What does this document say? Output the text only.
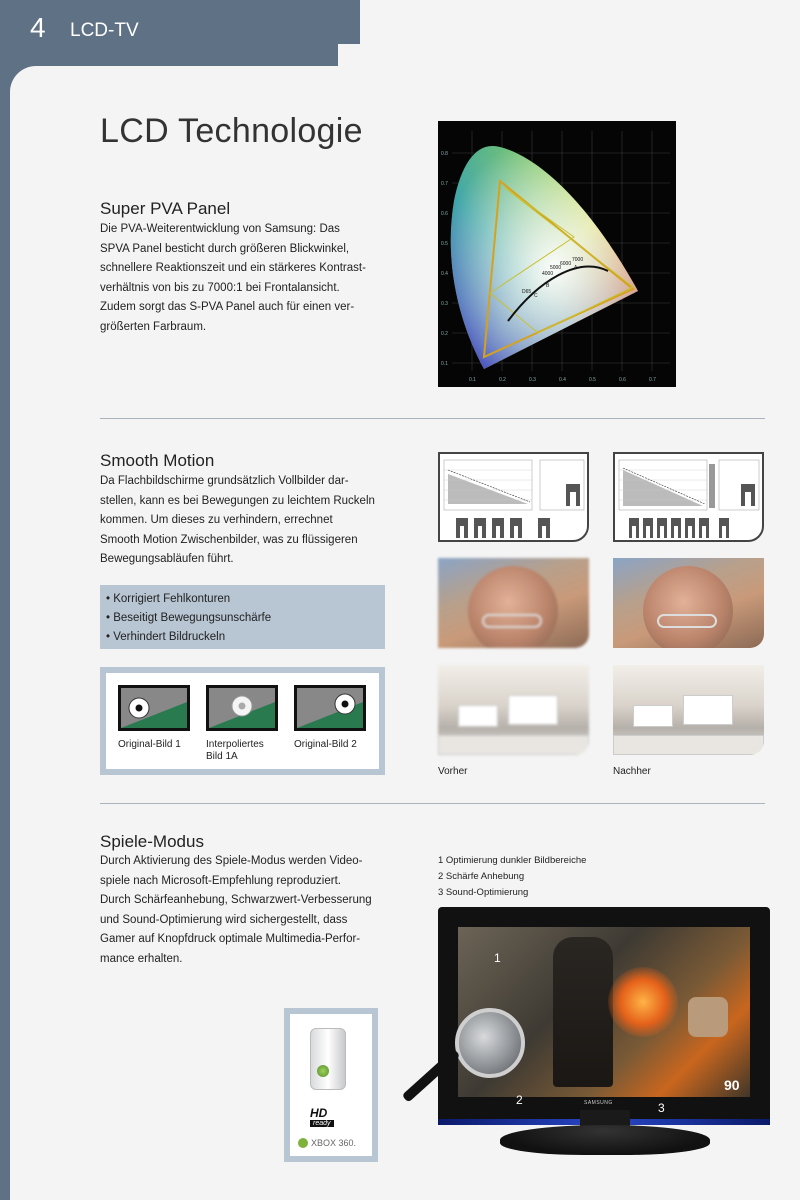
4 LCD-TV
LCD Technologie
Super PVA Panel
Die PVA-Weiterentwicklung von Samsung: Das
SPVA Panel besticht durch größeren Blickwinkel,
schnellere Reaktionszeit und ein stärkeres Kontrast-
verhältnis von bis zu 7000:1 bei Frontalansicht.
Zudem sorgt das S-PVA Panel auch für einen ver-
größerten Farbraum.
D65
4000
5000
6000
7000
A
C
B
0.1	0.2	0.3	0.4	0.5	0.6	0.7
0.8
0.7
0.6
0.5
0.4
0.3
0.2
0.1
Smooth Motion
Da Flachbildschirme grundsätzlich Vollbilder dar-
stellen, kann es bei Bewegungen zu leichtem Ruckeln
kommen. Um dieses zu verhindern, errechnet
Smooth Motion Zwischenbilder, was zu flüssigeren
Bewegungsabläufen führt.
• Korrigiert Fehlkonturen
• Beseitigt Bewegungsunschärfe
• Verhindert Bildruckeln
Original-Bild 1	Interpoliertes Bild 1A
Original-Bild 2
Vorher	Nachher
Spiele-Modus
Durch Aktivierung des Spiele-Modus werden Video-
spiele nach Microsoft-Empfehlung reproduziert.
Durch Schärfeanhebung, Schwarzwert-Verbesserung
und Sound-Optimierung wird sichergestellt, dass
Gamer auf Knopfdruck optimale Multimedia-Perfor-
mance erhalten.
1 Optimierung dunkler Bildbereiche
2 Schärfe Anhebung
3 Sound-Optimierung
1
90
2
3
SAMSUNG
HD
ready
XBOX 360.
